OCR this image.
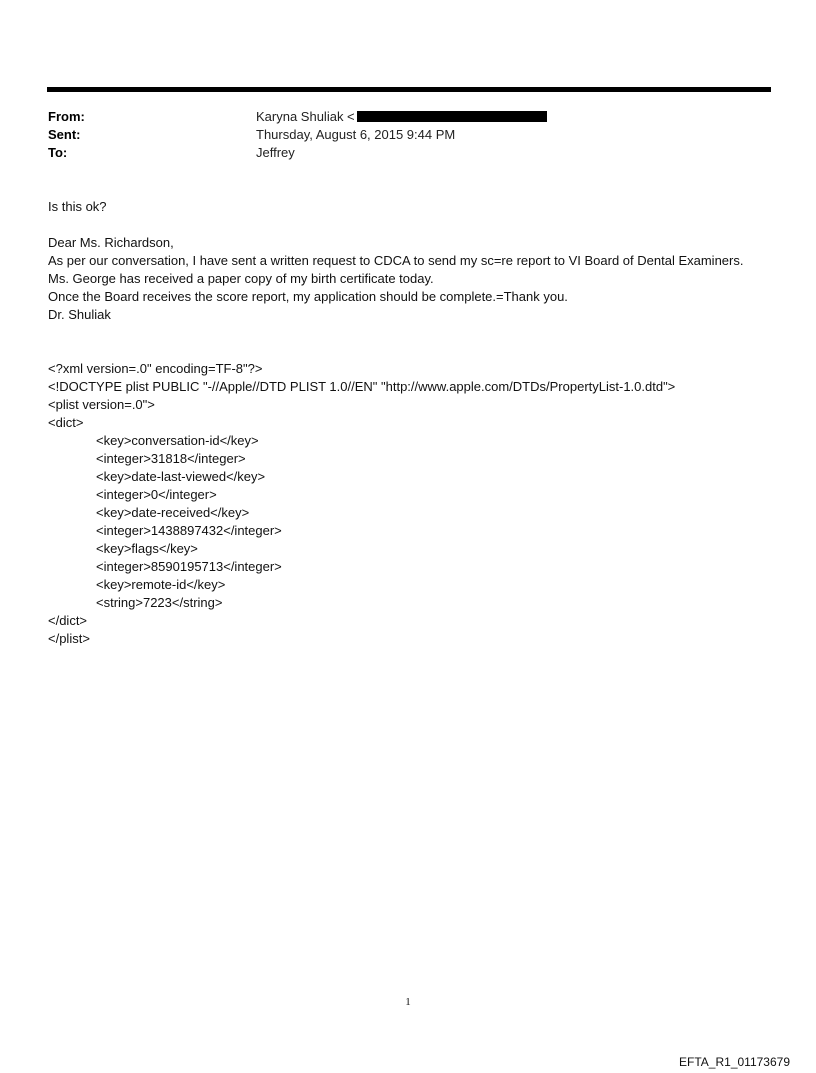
From:	Karyna Shuliak <
Sent:	Thursday, August 6, 2015 9:44 PM
To:	Jeffrey

Is this ok?

Dear Ms. Richardson,

As per our conversation, I have sent a written request to CDCA to send my sc=re report to VI Board of Dental Examiners.

Ms. George has received a paper copy of my birth certificate today.

Once the Board receives the score report, my application should be complete.=Thank you.

Dr. Shuliak

<?xml version=.0" encoding=TF-8"?>

<!DOCTYPE plist PUBLIC "-//Apple//DTD PLIST 1.0//EN" "http://www.apple.com/DTDs/PropertyList-1.0.dtd">

<plist version=.0">

<dict>

<key>conversation-id</key>

<integer>31818</integer>

<key>date-last-viewed</key>

<integer>0</integer>

<key>date-received</key>

<integer>1438897432</integer>

<key>flags</key>

<integer>8590195713</integer>

<key>remote-id</key>

<string>7223</string>

</dict>

</plist>

1
EFTA_R1_01173679
